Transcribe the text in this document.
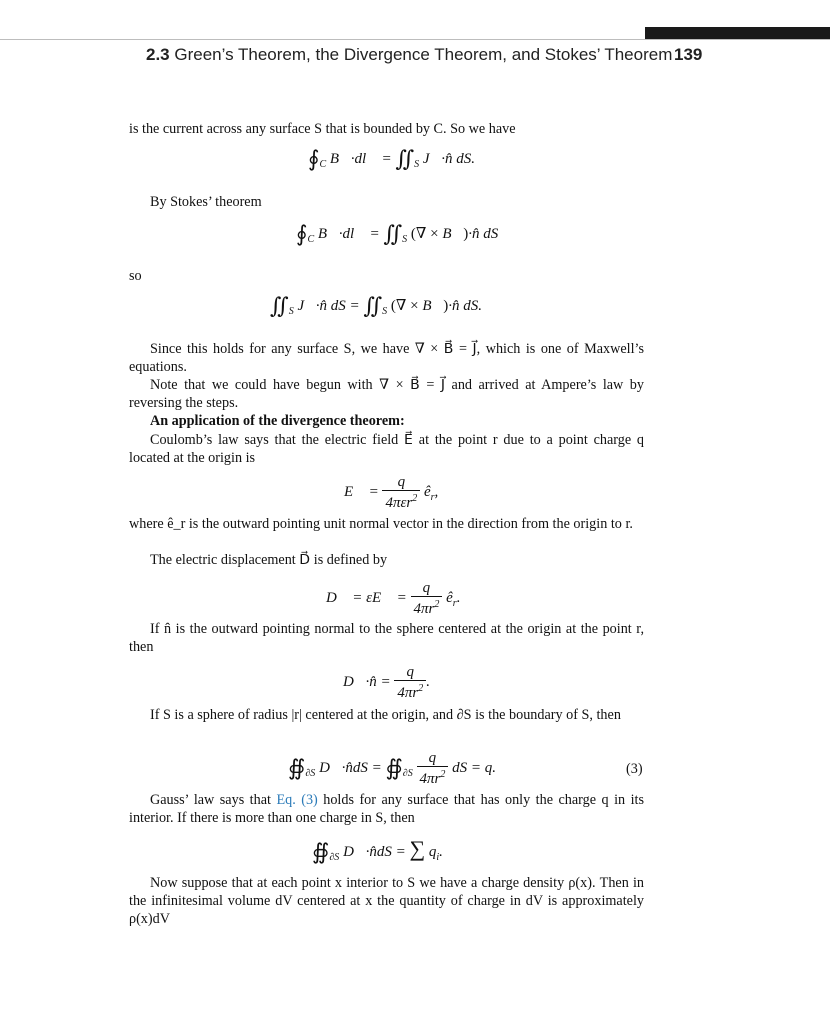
2.3 Green’s Theorem, the Divergence Theorem, and Stokes’ Theorem 139
is the current across any surface S that is bounded by C. So we have
$∮_C$ B⃗·dl⃗ = $∬_S$ J⃗·n̂ dS.
By Stokes’ theorem
$∮_C$ B⃗·dl⃗ = $∬_S$ (∇ × B⃗)·n̂ dS
so
$∬_S$ J⃗·n̂ dS = $∬_S$ (∇ × B⃗)·n̂ dS.
Since this holds for any surface S, we have ∇ × B⃗ = J⃗, which is one of Maxwell’s equations.
Note that we could have begun with ∇ × B⃗ = J⃗ and arrived at Ampere’s law by reversing the steps.
An application of the divergence theorem:
Coulomb’s law says that the electric field E⃗ at the point r due to a point charge q located at the origin is
E⃗ = $\frac{q}{4\pi\varepsilon r^2}$ $ê_r$,
where ê_r is the outward pointing unit normal vector in the direction from the origin to r.
The electric displacement D⃗ is defined by
D⃗ = εE⃗ = $\frac{q}{4\pi r^2}$ $ê_r$.
If n̂ is the outward pointing normal to the sphere centered at the origin at the point r, then
D⃗·n̂ = $\frac{q}{4\pi r^2}$ .
If S is a sphere of radius |r| centered at the origin, and ∂S is the boundary of S, then
$∯_{\partial S}$ D⃗·n̂dS = $∯_{\partial S} \frac{q}{4\pi r^2}$ dS = q.	(3)
Gauss’ law says that Eq. (3) holds for any surface that has only the charge q in its interior. If there is more than one charge in S, then
$∯_{\partial S}$ D⃗·n̂dS = ∑ $q_i$.
Now suppose that at each point x interior to S we have a charge density ρ(x). Then in the infinitesimal volume dV centered at x the quantity of charge in dV is approximately ρ(x)dV
